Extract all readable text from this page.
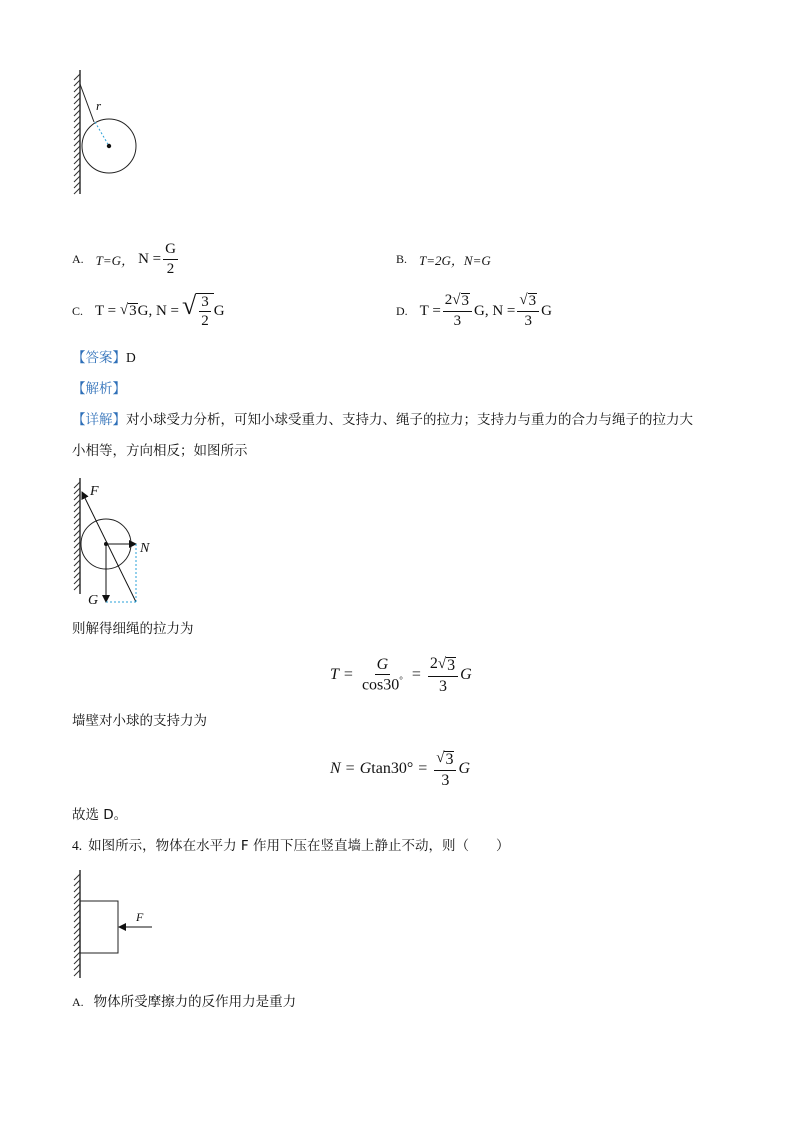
r
A. T=G， $N = \frac{G}{2}$	B. T=2G，N=G
C. T =
√ 3 G, N = √ $\frac{3}{2}$ G	D. $T = \frac{2 √ 3}{3} G$, $N = \frac{√ 3}{3}$ G
【答案】D
【解析】
【详解】对小球受力分析，可知小球受重力、支持力、绳子的拉力；支持力与重力的合力与绳子的拉力大
小相等，方向相反；如图所示
F
N
G
则解得细绳的拉力为
$T = \frac{G}{\cos 30^\circ} = \frac{2 √ 3}{3}$ G
墙壁对小球的支持力为
N = G $\tan 30^\circ = \frac{√ 3}{3}$ G
故选 D。
4. 如图所示，物体在水平力 F 作用下压在竖直墙上静止不动，则（　　）
F
A. 物体所受摩擦力的反作用力是重力
